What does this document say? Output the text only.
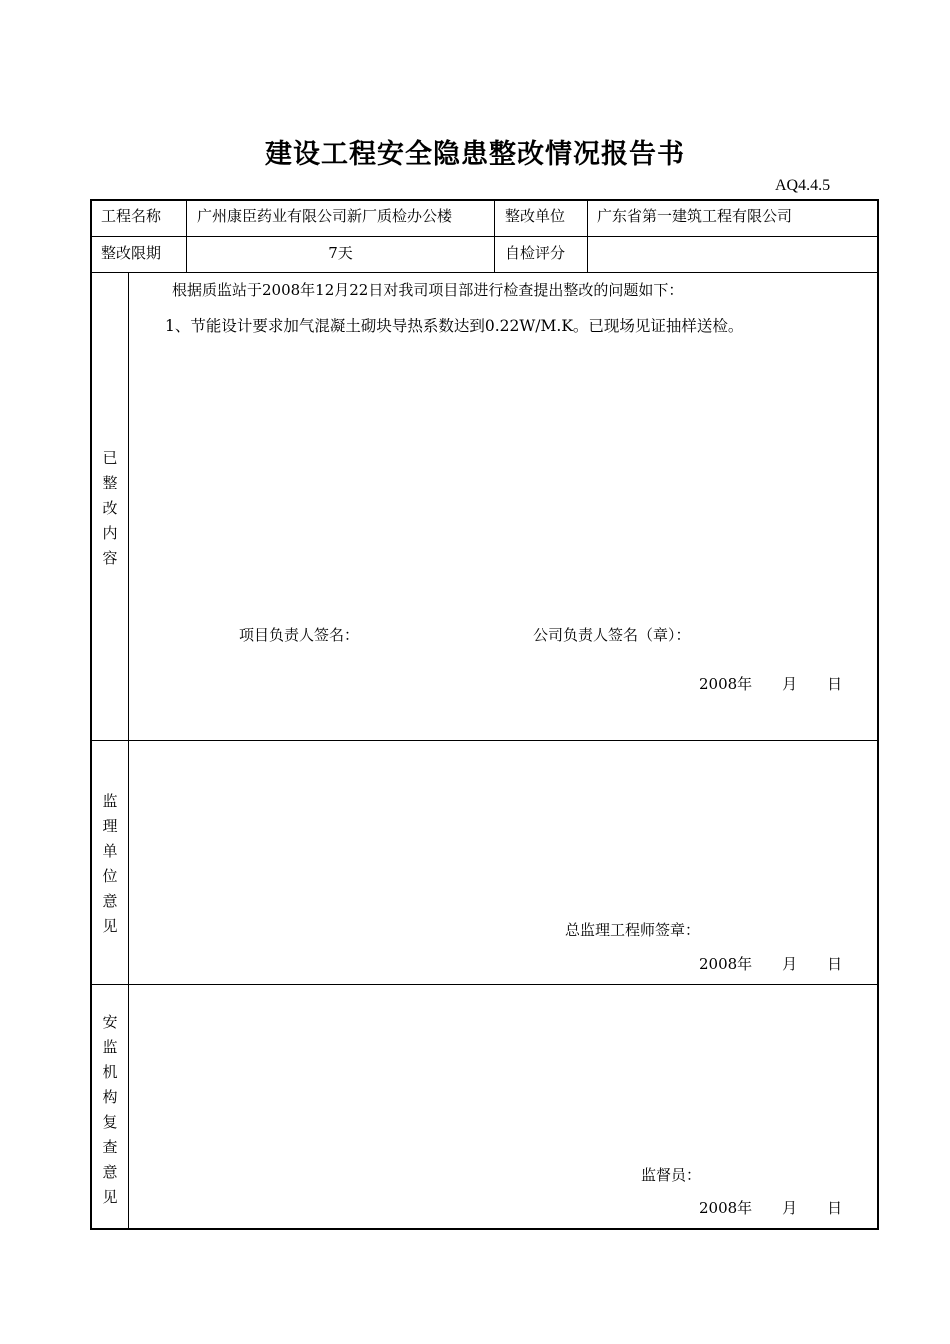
建设工程安全隐患整改情况报告书
AQ4.4.5
工程名称 广州康臣药业有限公司新厂质检办公楼	整改单位 广东省第一建筑工程有限公司
整改限期	7天	自检评分
已
整
改
内
容
根据质监站于2008年12月22日对我司项目部进行检查提出整改的问题如下：
1、节能设计要求加气混凝土砌块导热系数达到0.22W/M.K。已现场见证抽样送检。
项目负责人签名：	公司负责人签名（章）：
2008年　　月　　日
监
理
单
位
意
见	总监理工程师签章：
2008年　　月　　日
安
监
机
构
复
查
意
见
监督员：
2008年　　月　　日
